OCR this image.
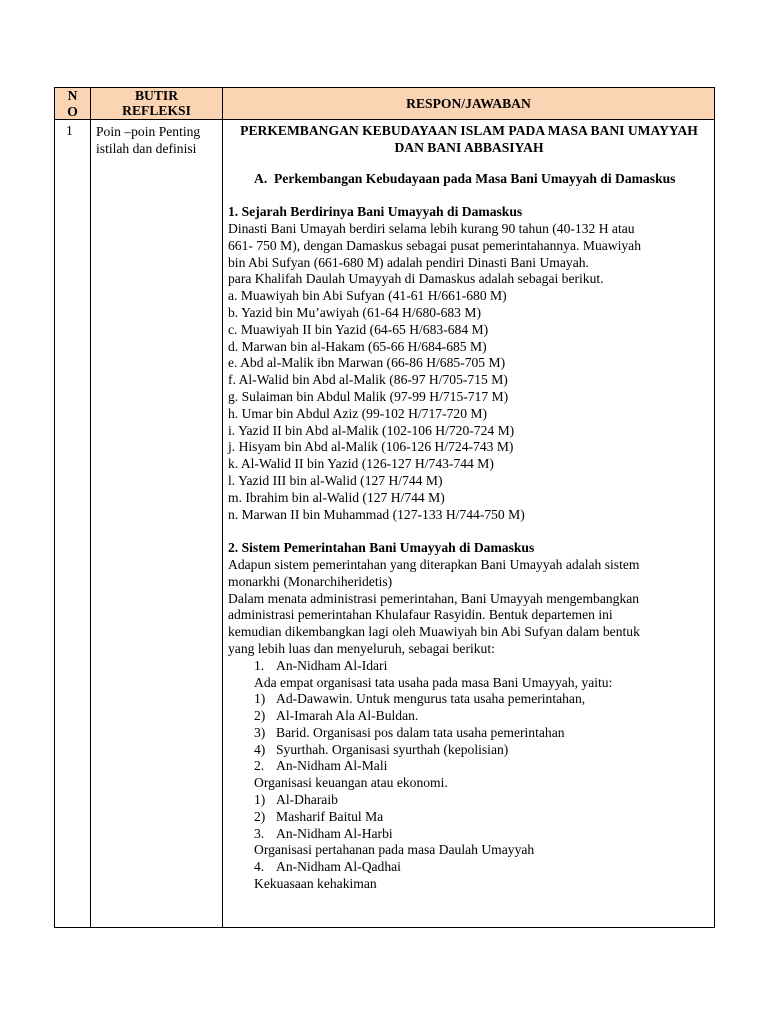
N
O
BUTIR
REFLEKSI	RESPON/JAWABAN
1 Poin –poin Penting istilah dan definisi
PERKEMBANGAN KEBUDAYAAN ISLAM PADA MASA BANI UMAYYAH DAN BANI ABBASIYAH
A. Perkembangan Kebudayaan pada Masa Bani Umayyah di Damaskus
1. Sejarah Berdirinya Bani Umayyah di Damaskus
Dinasti Bani Umayah berdiri selama lebih kurang 90 tahun (40-132 H atau
661- 750 M), dengan Damaskus sebagai pusat pemerintahannya. Muawiyah
bin Abi Sufyan (661-680 M) adalah pendiri Dinasti Bani Umayah.
para Khalifah Daulah Umayyah di Damaskus adalah sebagai berikut.
a. Muawiyah bin Abi Sufyan (41-61 H/661-680 M)
b. Yazid bin Mu’awiyah (61-64 H/680-683 M)
c. Muawiyah II bin Yazid (64-65 H/683-684 M)
d. Marwan bin al-Hakam (65-66 H/684-685 M)
e. Abd al-Malik ibn Marwan (66-86 H/685-705 M)
f. Al-Walid bin Abd al-Malik (86-97 H/705-715 M)
g. Sulaiman bin Abdul Malik (97-99 H/715-717 M)
h. Umar bin Abdul Aziz (99-102 H/717-720 M)
i. Yazid II bin Abd al-Malik (102-106 H/720-724 M)
j. Hisyam bin Abd al-Malik (106-126 H/724-743 M)
k. Al-Walid II bin Yazid (126-127 H/743-744 M)
l. Yazid III bin al-Walid (127 H/744 M)
m. Ibrahim bin al-Walid (127 H/744 M)
n. Marwan II bin Muhammad (127-133 H/744-750 M)
2. Sistem Pemerintahan Bani Umayyah di Damaskus
Adapun sistem pemerintahan yang diterapkan Bani Umayyah adalah sistem
monarkhi (Monarchiheridetis)
Dalam menata administrasi pemerintahan, Bani Umayyah mengembangkan
administrasi pemerintahan Khulafaur Rasyidin. Bentuk departemen ini
kemudian dikembangkan lagi oleh Muawiyah bin Abi Sufyan dalam bentuk
yang lebih luas dan menyeluruh, sebagai berikut:
1. An-Nidham Al-Idari
Ada empat organisasi tata usaha pada masa Bani Umayyah, yaitu:
1) Ad-Dawawin. Untuk mengurus tata usaha pemerintahan,
2) Al-Imarah Ala Al-Buldan.
3) Barid. Organisasi pos dalam tata usaha pemerintahan
4) Syurthah. Organisasi syurthah (kepolisian)
2. An-Nidham Al-Mali
Organisasi keuangan atau ekonomi.
1) Al-Dharaib
2) Masharif Baitul Ma
3. An-Nidham Al-Harbi
Organisasi pertahanan pada masa Daulah Umayyah
4. An-Nidham Al-Qadhai
Kekuasaan kehakiman
